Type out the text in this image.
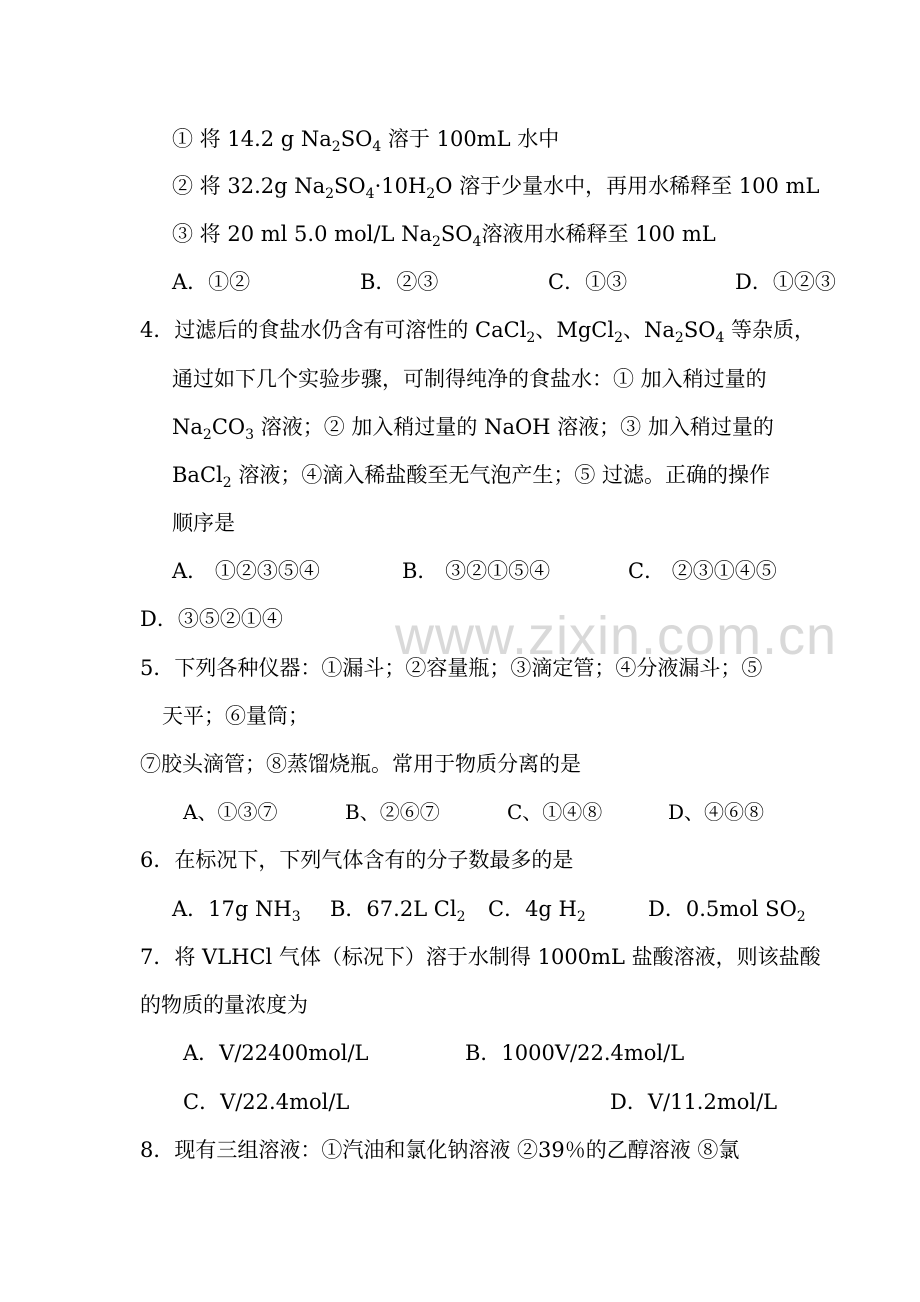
www.zixin.com.cn
① 将 14.2 g $Na_2SO_4$ 溶于 100mL 水中
② 将 32.2g $Na_2SO_4\cdot 10H_2O$ 溶于少量水中，再用水稀释至 100 mL
③ 将 20 ml 5.0 mol/L $Na_2SO_4$溶液用水稀释至 100 mL
A．①②	B．②③	C．①③	D．①②③
4．过滤后的食盐水仍含有可溶性的 CaCl$_2$、MgCl$_2$、$Na_2SO_4$ 等杂质，
通过如下几个实验步骤，可制得纯净的食盐水：① 加入稍过量的
$Na_2CO_3$ 溶液；② 加入稍过量的 NaOH 溶液；③ 加入稍过量的
BaCl$_2$ 溶液；④滴入稀盐酸至无气泡产生；⑤ 过滤。正确的操作
顺序是
A． ①②③⑤④	B． ③②①⑤④	C． ②③①④⑤
D．③⑤②①④
5．下列各种仪器：①漏斗；②容量瓶；③滴定管；④分液漏斗；⑤
天平；⑥量筒；
⑦胶头滴管；⑧蒸馏烧瓶。常用于物质分离的是
A、①③⑦	B、②⑥⑦	C、①④⑧	D、④⑥⑧
6．在标况下，下列气体含有的分子数最多的是
A．17g $NH_3$ B．67.2L $Cl_2$ C．4g $H_2$	D．0.5mol $SO_2$
7．将 VLHCl 气体（标况下）溶于水制得 1000mL 盐酸溶液，则该盐酸
的物质的量浓度为
A．V/22400mol/L	B．1000V/22.4mol/L
C．V/22.4mol/L	D．V/11.2mol/L
8．现有三组溶液：①汽油和氯化钠溶液 ②39％的乙醇溶液 ⑧氯
